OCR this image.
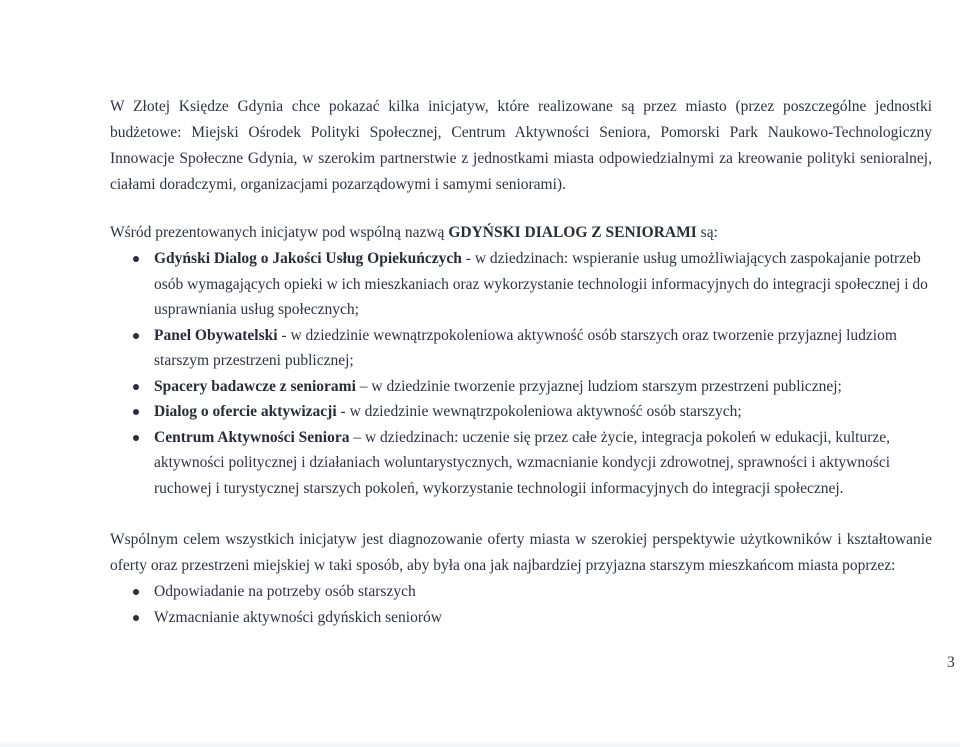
W Złotej Księdze Gdynia chce pokazać kilka inicjatyw, które realizowane są przez miasto (przez poszczególne jednostki budżetowe: Miejski Ośrodek Polityki Społecznej, Centrum Aktywności Seniora, Pomorski Park Naukowo-Technologiczny Innowacje Społeczne Gdynia, w szerokim partnerstwie z jednostkami miasta odpowiedzialnymi za kreowanie polityki senioralnej, ciałami doradczymi, organizacjami pozarządowymi i samymi seniorami).

Wśród prezentowanych inicjatyw pod wspólną nazwą GDYŃSKI DIALOG Z SENIORAMI są:

Gdyński Dialog o Jakości Usług Opiekuńczych - w dziedzinach: wspieranie usług umożliwiających zaspokajanie potrzeb osób wymagających opieki w ich mieszkaniach oraz wykorzystanie technologii informacyjnych do integracji społecznej i do usprawniania usług społecznych;
Panel Obywatelski - w dziedzinie wewnątrzpokoleniowa aktywność osób starszych oraz tworzenie przyjaznej ludziom starszym przestrzeni publicznej;
Spacery badawcze z seniorami – w dziedzinie tworzenie przyjaznej ludziom starszym przestrzeni publicznej;
Dialog o ofercie aktywizacji - w dziedzinie wewnątrzpokoleniowa aktywność osób starszych;
Centrum Aktywności Seniora – w dziedzinach: uczenie się przez całe życie, integracja pokoleń w edukacji, kulturze, aktywności politycznej i działaniach woluntarystycznych, wzmacnianie kondycji zdrowotnej, sprawności i aktywności ruchowej i turystycznej starszych pokoleń, wykorzystanie technologii informacyjnych do integracji społecznej.

Wspólnym celem wszystkich inicjatyw jest diagnozowanie oferty miasta w szerokiej perspektywie użytkowników i kształtowanie oferty oraz przestrzeni miejskiej w taki sposób, aby była ona jak najbardziej przyjazna starszym mieszkańcom miasta poprzez:

Odpowiadanie na potrzeby osób starszych
Wzmacnianie aktywności gdyńskich seniorów
3
